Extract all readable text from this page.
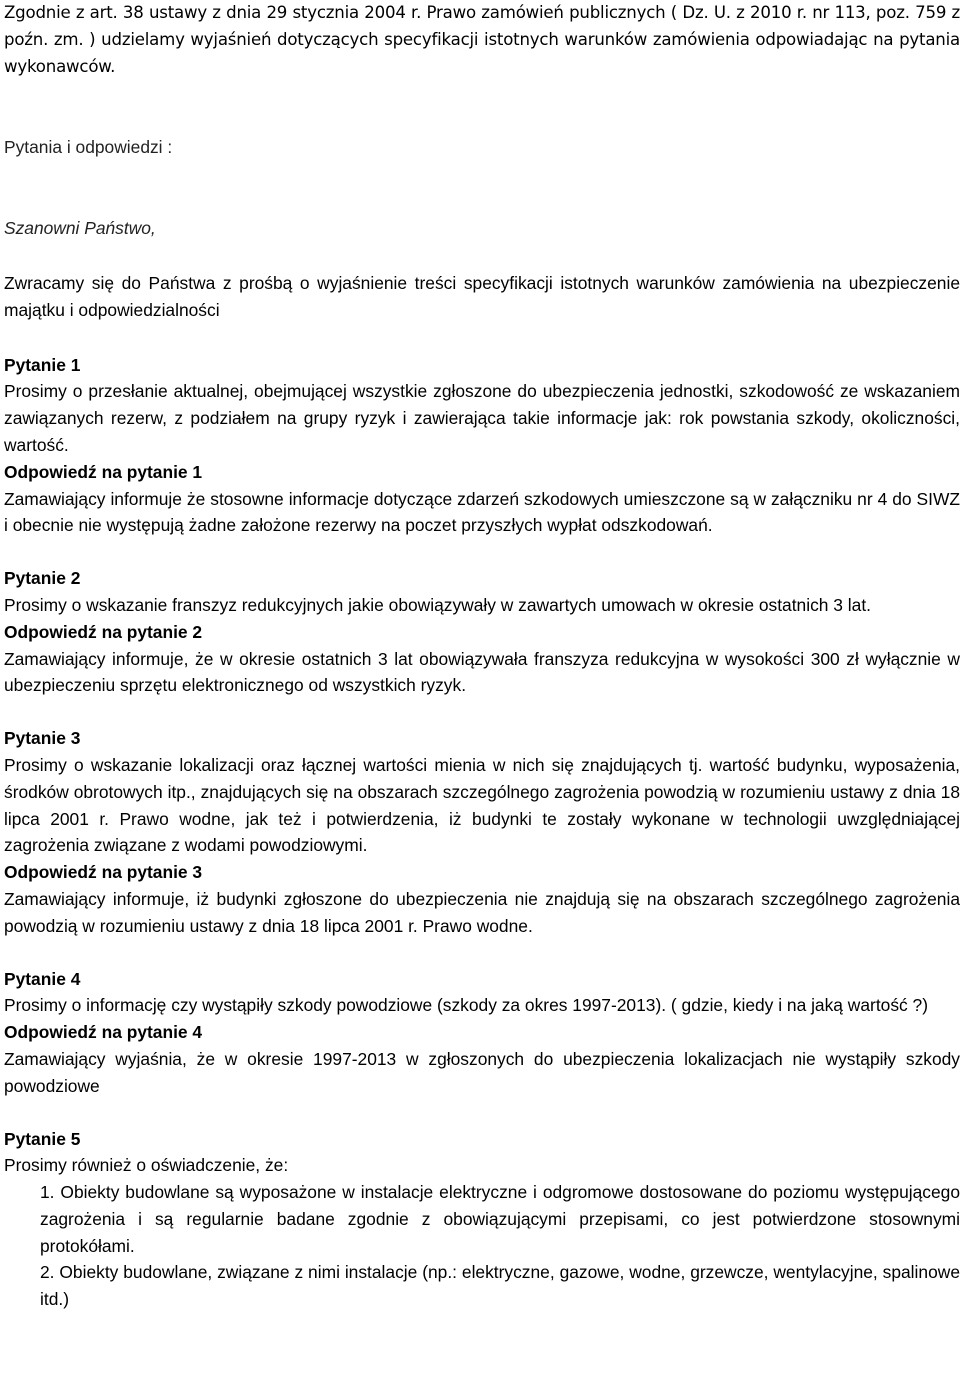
Zgodnie z art. 38 ustawy z dnia 29 stycznia 2004 r. Prawo zamówień publicznych ( Dz. U. z 2010 r. nr 113, poz. 759 z poźn. zm. ) udzielamy wyjaśnień dotyczących specyfikacji istotnych warunków zamówienia odpowiadając na pytania wykonawców.

Pytania i odpowiedzi :

Szanowni Państwo,

Zwracamy się do Państwa z prośbą o wyjaśnienie treści specyfikacji istotnych warunków zamówienia na ubezpieczenie majątku i odpowiedzialności

Pytanie 1

Prosimy o przesłanie aktualnej, obejmującej wszystkie zgłoszone do ubezpieczenia jednostki, szkodowość ze wskazaniem zawiązanych rezerw, z podziałem na grupy ryzyk i zawierająca takie informacje jak: rok powstania szkody, okoliczności, wartość.

Odpowiedź na pytanie 1

Zamawiający informuje że stosowne informacje dotyczące zdarzeń szkodowych umieszczone są w załączniku nr 4 do SIWZ i obecnie nie występują żadne założone rezerwy na poczet przyszłych wypłat odszkodowań.

Pytanie 2

Prosimy o wskazanie franszyz redukcyjnych jakie obowiązywały w zawartych umowach w okresie ostatnich 3 lat.

Odpowiedź na pytanie 2

Zamawiający informuje, że w okresie ostatnich 3 lat obowiązywała franszyza redukcyjna w wysokości 300 zł wyłącznie w ubezpieczeniu sprzętu elektronicznego od wszystkich ryzyk.

Pytanie 3

Prosimy o wskazanie lokalizacji oraz łącznej wartości mienia w nich się znajdujących tj. wartość budynku, wyposażenia, środków obrotowych itp., znajdujących się na obszarach szczególnego zagrożenia powodzią w rozumieniu ustawy z dnia 18 lipca 2001 r. Prawo wodne, jak też i potwierdzenia, iż budynki te zostały wykonane w technologii uwzględniającej zagrożenia związane z wodami powodziowymi.

Odpowiedź na pytanie 3

Zamawiający informuje, iż budynki zgłoszone do ubezpieczenia nie znajdują się na obszarach szczególnego zagrożenia powodzią w rozumieniu ustawy z dnia 18 lipca 2001 r. Prawo wodne.

Pytanie 4

Prosimy o informację czy wystąpiły szkody powodziowe (szkody za okres 1997-2013). ( gdzie, kiedy i na jaką wartość ?)

Odpowiedź na pytanie 4

Zamawiający wyjaśnia, że w okresie 1997-2013 w zgłoszonych do ubezpieczenia lokalizacjach nie wystąpiły szkody powodziowe

Pytanie 5

Prosimy również o oświadczenie, że:

1. Obiekty budowlane są wyposażone w instalacje elektryczne i odgromowe dostosowane do poziomu występującego zagrożenia i są regularnie badane zgodnie z obowiązującymi przepisami, co jest potwierdzone stosownymi protokółami.

2. Obiekty budowlane, związane z nimi instalacje (np.: elektryczne, gazowe, wodne, grzewcze, wentylacyjne, spalinowe itd.)
